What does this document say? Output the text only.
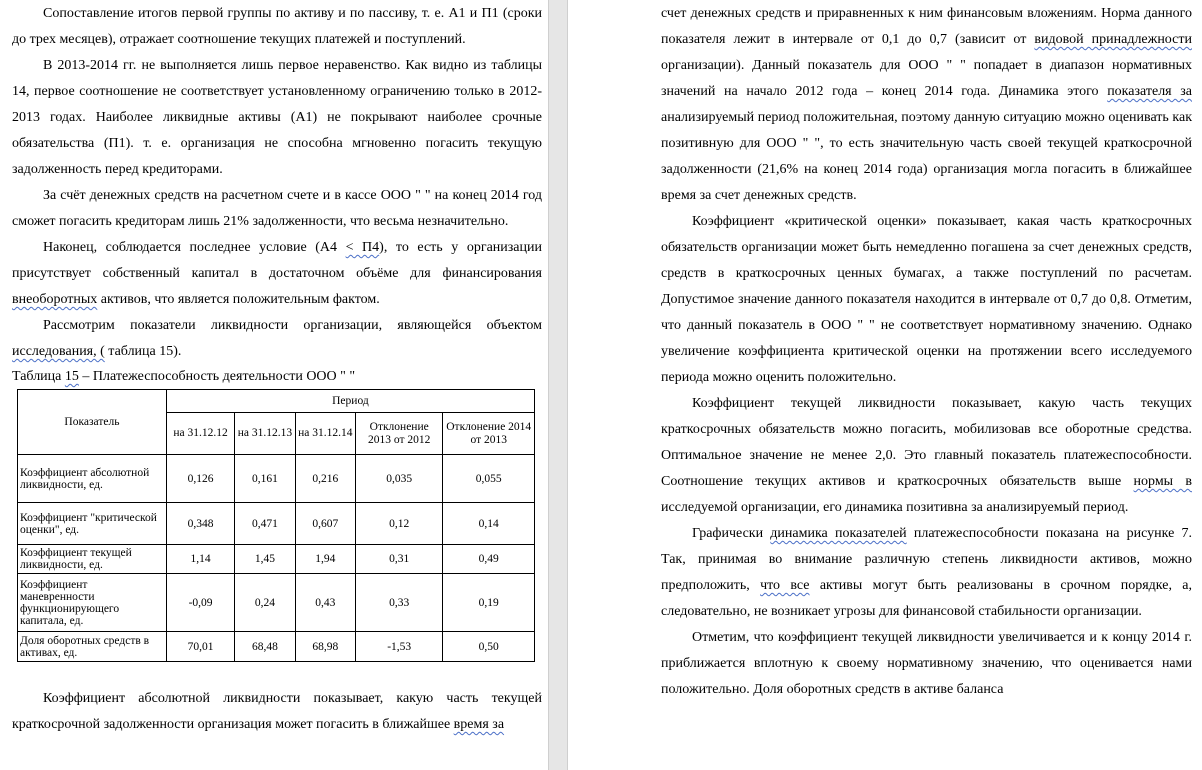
Сопоставление итогов первой группы по активу и по пассиву, т. е. А1 и П1 (сроки до трех месяцев), отражает соотношение текущих платежей и поступлений.

В 2013-2014 гг. не выполняется лишь первое неравенство. Как видно из таблицы 14, первое соотношение не соответствует установленному ограничению только в 2012-2013 годах. Наиболее ликвидные активы (А1) не покрывают наиболее срочные обязательства (П1). т. е. организация не способна мгновенно погасить текущую задолженность перед кредиторами.

За счёт денежных средств на расчетном счете и в кассе ООО " " на конец 2014 год сможет погасить кредиторам лишь 21% задолженности, что весьма незначительно.

Наконец, соблюдается последнее условие (А4 < П4), то есть у организации присутствует собственный капитал в достаточном объёме для финансирования внеоборотных активов, что является положительным фактом.

Рассмотрим показатели ликвидности организации, являющейся объектом исследования, ( таблица 15).

Таблица 15 – Платежеспособность деятельности ООО " "
Показатель	Период				
	на 31.12.12	на 31.12.13	на 31.12.14	Отклонение 2013 от 2012	Отклонение 2014 от 2013
Коэффициент абсолютной ликвидности, ед.	0,126	0,161	0,216	0,035	0,055
Коэффициент "критической оценки", ед.	0,348	0,471	0,607	0,12	0,14
Коэффициент текущей ликвидности, ед.	1,14	1,45	1,94	0,31	0,49
Коэффициент маневренности функционирующего капитала, ед.	-0,09	0,24	0,43	0,33	0,19
Доля оборотных средств в активах, ед.	70,01	68,48	68,98	-1,53	0,50

Коэффициент абсолютной ликвидности показывает, какую часть текущей краткосрочной задолженности организация может погасить в ближайшее время за

счет денежных средств и приравненных к ним финансовым вложениям. Норма данного показателя лежит в интервале от 0,1 до 0,7 (зависит от видовой принадлежности организации). Данный показатель для ООО " " попадает в диапазон нормативных значений на начало 2012 года – конец 2014 года. Динамика этого показателя за анализируемый период положительная, поэтому данную ситуацию можно оценивать как позитивную для ООО " ", то есть значительную часть своей текущей краткосрочной задолженности (21,6% на конец 2014 года) организация могла погасить в ближайшее время за счет денежных средств.

Коэффициент «критической оценки» показывает, какая часть краткосрочных обязательств организации может быть немедленно погашена за счет денежных средств, средств в краткосрочных ценных бумагах, а также поступлений по расчетам. Допустимое значение данного показателя находится в интервале от 0,7 до 0,8. Отметим, что данный показатель в ООО " " не соответствует нормативному значению. Однако увеличение коэффициента критической оценки на протяжении всего исследуемого периода можно оценить положительно.

Коэффициент текущей ликвидности показывает, какую часть текущих краткосрочных обязательств можно погасить, мобилизовав все оборотные средства. Оптимальное значение не менее 2,0. Это главный показатель платежеспособности. Соотношение текущих активов и краткосрочных обязательств выше нормы в исследуемой организации, его динамика позитивна за анализируемый период.

Графически динамика показателей платежеспособности показана на рисунке 7. Так, принимая во внимание различную степень ликвидности активов, можно предположить, что все активы могут быть реализованы в срочном порядке, а, следовательно, не возникает угрозы для финансовой стабильности организации.

Отметим, что коэффициент текущей ликвидности увеличивается и к концу 2014 г. приближается вплотную к своему нормативному значению, что оценивается нами положительно. Доля оборотных средств в активе баланса
